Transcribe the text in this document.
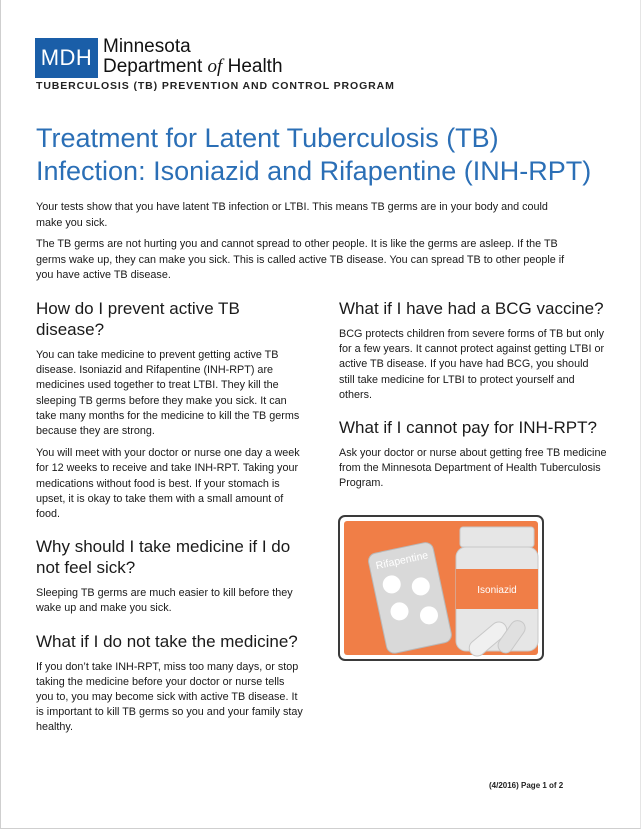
MDH Minnesota
Department of Health
TUBERCULOSIS (TB) PREVENTION AND CONTROL PROGRAM
Treatment for Latent Tuberculosis (TB)
Infection: Isoniazid and Rifapentine (INH-RPT)

Your tests show that you have latent TB infection or LTBI. This means TB germs are in your body and could make you sick.

The TB germs are not hurting you and cannot spread to other people. It is like the germs are asleep. If the TB germs wake up, they can make you sick. This is called active TB disease. You can spread TB to other people if you have active TB disease.

How do I prevent active TB disease?

You can take medicine to prevent getting active TB disease. Isoniazid and Rifapentine (INH-RPT) are medicines used together to treat LTBI. They kill the sleeping TB germs before they make you sick. It can take many months for the medicine to kill the TB germs because they are strong.

You will meet with your doctor or nurse one day a week for 12 weeks to receive and take INH-RPT. Taking your medications without food is best. If your stomach is upset, it is okay to take them with a small amount of food.

Why should I take medicine if I do not feel sick?

Sleeping TB germs are much easier to kill before they wake up and make you sick.

What if I do not take the medicine?

If you don’t take INH-RPT, miss too many days, or stop taking the medicine before your doctor or nurse tells you to, you may become sick with active TB disease. It is important to kill TB germs so you and your family stay healthy.

What if I have had a BCG vaccine?

BCG protects children from severe forms of TB but only for a few years. It cannot protect against getting LTBI or active TB disease. If you have had BCG, you should still take medicine for LTBI to protect yourself and others.

What if I cannot pay for INH-RPT?

Ask your doctor or nurse about getting free TB medicine from the Minnesota Department of Health Tuberculosis Program.

Rifapentine
Isoniazid
(4/2016) Page 1 of 2
